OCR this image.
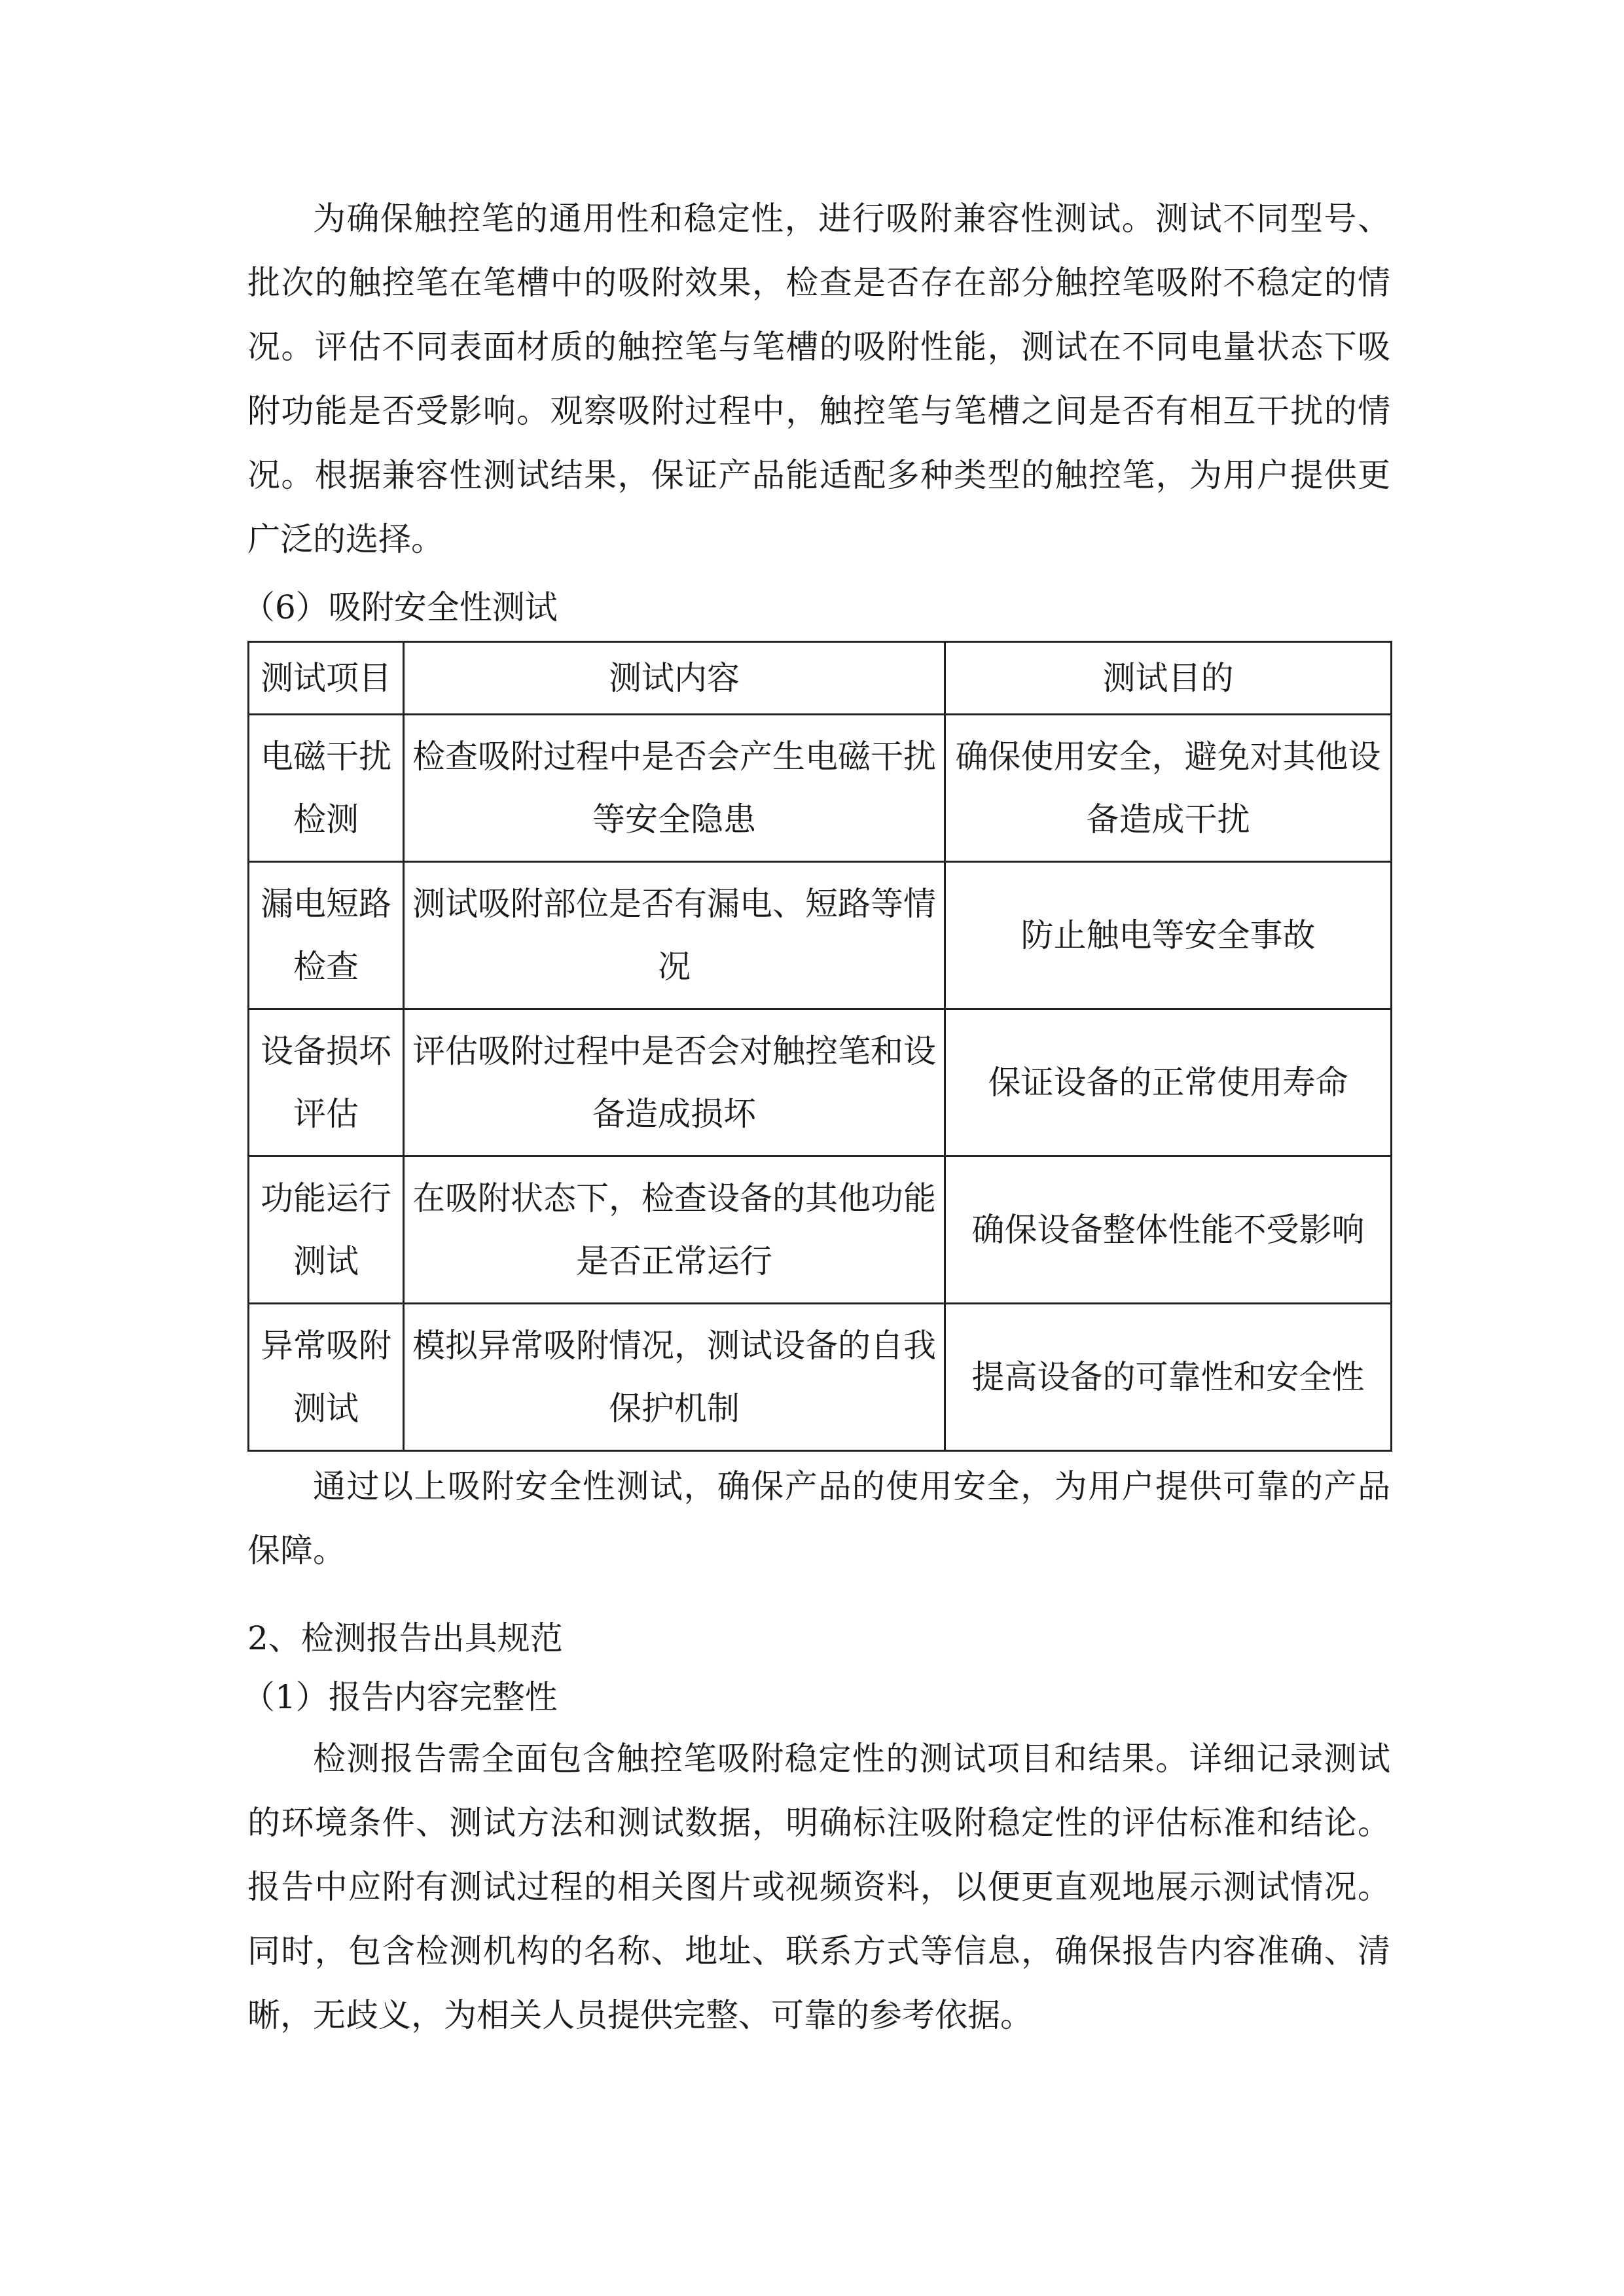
为确保触控笔的通用性和稳定性，进行吸附兼容性测试。测试不同型号、批次的触控笔在笔槽中的吸附效果，检查是否存在部分触控笔吸附不稳定的情况。评估不同表面材质的触控笔与笔槽的吸附性能，测试在不同电量状态下吸附功能是否受影响。观察吸附过程中，触控笔与笔槽之间是否有相互干扰的情况。根据兼容性测试结果，保证产品能适配多种类型的触控笔，为用户提供更广泛的选择。

（6）吸附安全性测试

测试项目	测试内容	测试目的
电磁干扰检测	检查吸附过程中是否会产生电磁干扰等安全隐患	确保使用安全，避免对其他设备造成干扰
漏电短路检查	测试吸附部位是否有漏电、短路等情况	防止触电等安全事故
设备损坏评估	评估吸附过程中是否会对触控笔和设备造成损坏	保证设备的正常使用寿命
功能运行测试	在吸附状态下，检查设备的其他功能是否正常运行	确保设备整体性能不受影响
异常吸附测试	模拟异常吸附情况，测试设备的自我保护机制	提高设备的可靠性和安全性

通过以上吸附安全性测试，确保产品的使用安全，为用户提供可靠的产品保障。

2、检测报告出具规范

（1）报告内容完整性

检测报告需全面包含触控笔吸附稳定性的测试项目和结果。详细记录测试的环境条件、测试方法和测试数据，明确标注吸附稳定性的评估标准和结论。报告中应附有测试过程的相关图片或视频资料，以便更直观地展示测试情况。同时，包含检测机构的名称、地址、联系方式等信息，确保报告内容准确、清晰，无歧义，为相关人员提供完整、可靠的参考依据。
